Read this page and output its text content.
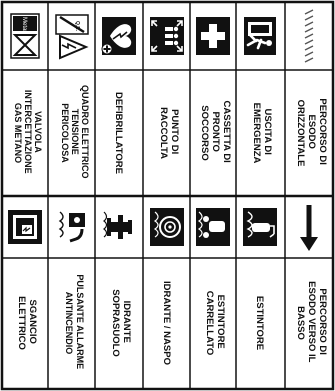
Q.E.
Metano
PERCORSO DI ESODO ORIZZONTALE
USCITA DI EMERGENZA
CASSETTA DI PRONTO SOCCORSO
PUNTO DI RACCOLTA
DEFIBRILLATORE
QUADRO ELETTRICO TENSIONE PERICOLOSA
VALVOLA INTERCETTAZIONE GAS METANO
PERCORSO DI ESODO VERSO IL BASSO
ESTINTORE
ESTINTORE CARRELLATO
IDRANTE / NASPO
IDRANTE SOPRASUOLO
PULSANTE ALLARME ANTINCENDIO
SGANCIO ELETTRICO
